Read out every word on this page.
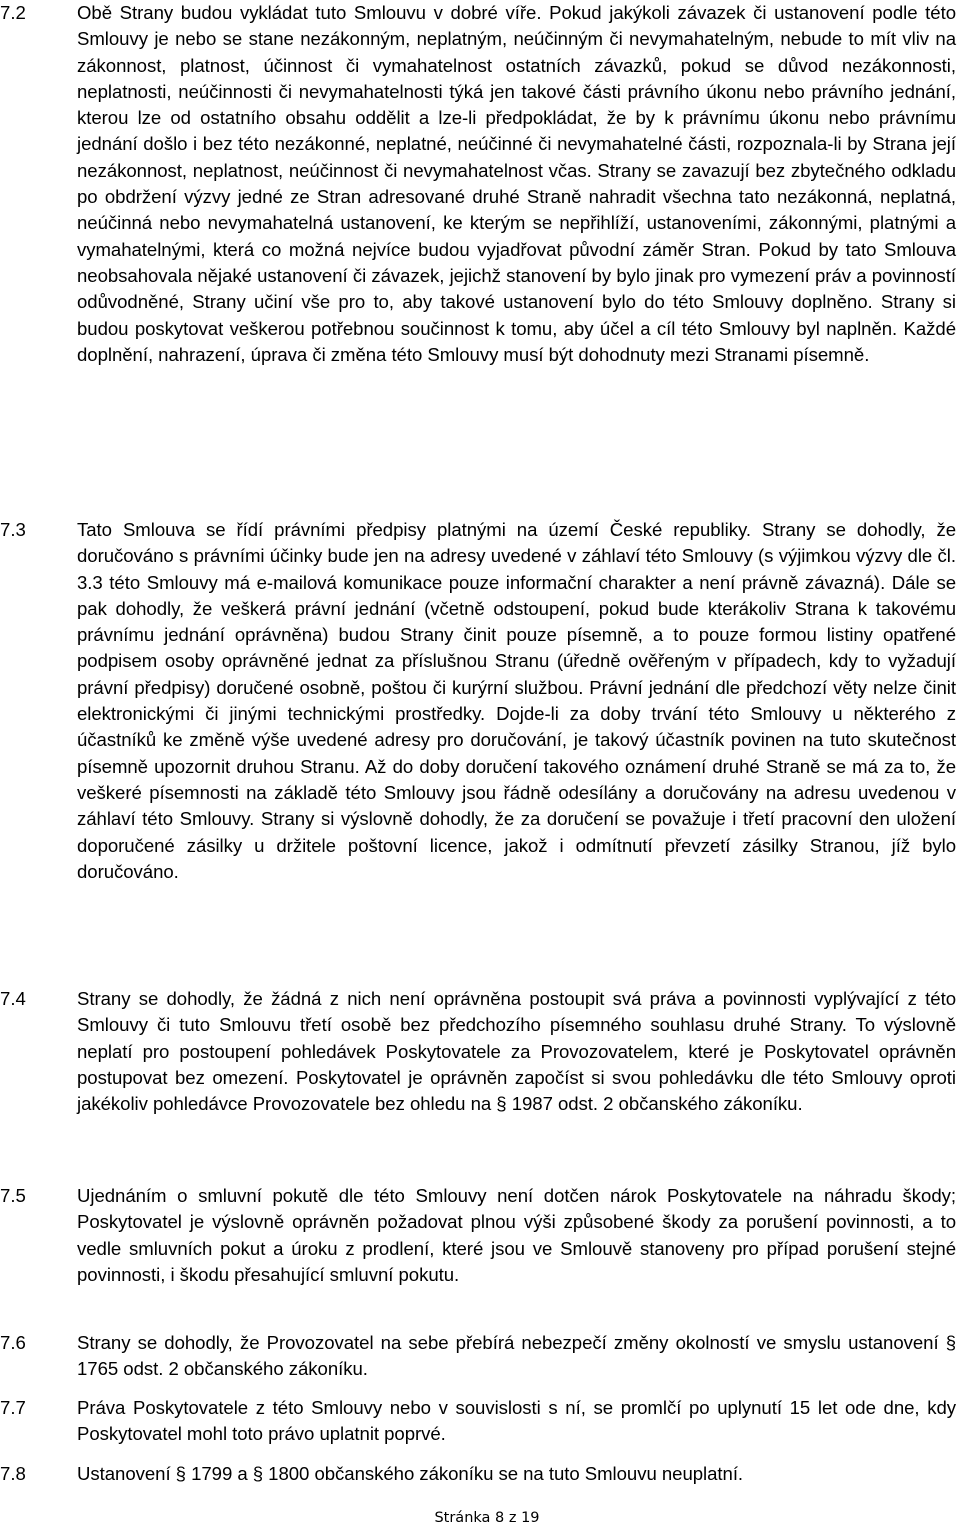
7.2	Obě Strany budou vykládat tuto Smlouvu v dobré víře. Pokud jakýkoli závazek či ustanovení podle této Smlouvy je nebo se stane nezákonným, neplatným, neúčinným či nevymahatelným, nebude to mít vliv na zákonnost, platnost, účinnost či vymahatelnost ostatních závazků, pokud se důvod nezákonnosti, neplatnosti, neúčinnosti či nevymahatelnosti týká jen takové části právního úkonu nebo právního jednání, kterou lze od ostatního obsahu oddělit a lze-li předpokládat, že by k právnímu úkonu nebo právnímu jednání došlo i bez této nezákonné, neplatné, neúčinné či nevymahatelné části, rozpoznala-li by Strana její nezákonnost, neplatnost, neúčinnost či nevymahatelnost včas. Strany se zavazují bez zbytečného odkladu po obdržení výzvy jedné ze Stran adresované druhé Straně nahradit všechna tato nezákonná, neplatná, neúčinná nebo nevymahatelná ustanovení, ke kterým se nepřihlíží, ustanoveními, zákonnými, platnými a vymahatelnými, která co možná nejvíce budou vyjadřovat původní záměr Stran. Pokud by tato Smlouva neobsahovala nějaké ustanovení či závazek, jejichž stanovení by bylo jinak pro vymezení práv a povinností odůvodněné, Strany učiní vše pro to, aby takové ustanovení bylo do této Smlouvy doplněno. Strany si budou poskytovat veškerou potřebnou součinnost k tomu, aby účel a cíl této Smlouvy byl naplněn. Každé doplnění, nahrazení, úprava či změna této Smlouvy musí být dohodnuty mezi Stranami písemně.
7.3	Tato Smlouva se řídí právními předpisy platnými na území České republiky. Strany se dohodly, že doručováno s právními účinky bude jen na adresy uvedené v záhlaví této Smlouvy (s výjimkou výzvy dle čl. 3.3 této Smlouvy má e-mailová komunikace pouze informační charakter a není právně závazná). Dále se pak dohodly, že veškerá právní jednání (včetně odstoupení, pokud bude kterákoliv Strana k takovému právnímu jednání oprávněna) budou Strany činit pouze písemně, a to pouze formou listiny opatřené podpisem osoby oprávněné jednat za příslušnou Stranu (úředně ověřeným v případech, kdy to vyžadují právní předpisy) doručené osobně, poštou či kurýrní službou. Právní jednání dle předchozí věty nelze činit elektronickými či jinými technickými prostředky. Dojde-li za doby trvání této Smlouvy u některého z účastníků ke změně výše uvedené adresy pro doručování, je takový účastník povinen na tuto skutečnost písemně upozornit druhou Stranu. Až do doby doručení takového oznámení druhé Straně se má za to, že veškeré písemnosti na základě této Smlouvy jsou řádně odesílány a doručovány na adresu uvedenou v záhlaví této Smlouvy. Strany si výslovně dohodly, že za doručení se považuje i třetí pracovní den uložení doporučené zásilky u držitele poštovní licence, jakož i odmítnutí převzetí zásilky Stranou, jíž bylo doručováno.
7.4	Strany se dohodly, že žádná z nich není oprávněna postoupit svá práva a povinnosti vyplývající z této Smlouvy či tuto Smlouvu třetí osobě bez předchozího písemného souhlasu druhé Strany. To výslovně neplatí pro postoupení pohledávek Poskytovatele za Provozovatelem, které je Poskytovatel oprávněn postupovat bez omezení. Poskytovatel je oprávněn započíst si svou pohledávku dle této Smlouvy oproti jakékoliv pohledávce Provozovatele bez ohledu na § 1987 odst. 2 občanského zákoníku.
7.5	Ujednáním o smluvní pokutě dle této Smlouvy není dotčen nárok Poskytovatele na náhradu škody; Poskytovatel je výslovně oprávněn požadovat plnou výši způsobené škody za porušení povinnosti, a to vedle smluvních pokut a úroku z prodlení, které jsou ve Smlouvě stanoveny pro případ porušení stejné povinnosti, i škodu přesahující smluvní pokutu.
7.6	Strany se dohodly, že Provozovatel na sebe přebírá nebezpečí změny okolností ve smyslu ustanovení § 1765 odst. 2 občanského zákoníku.
7.7	Práva Poskytovatele z této Smlouvy nebo v souvislosti s ní, se promlčí po uplynutí 15 let ode dne, kdy Poskytovatel mohl toto právo uplatnit poprvé.
7.8	Ustanovení § 1799 a § 1800 občanského zákoníku se na tuto Smlouvu neuplatní.
Stránka 8 z 19
